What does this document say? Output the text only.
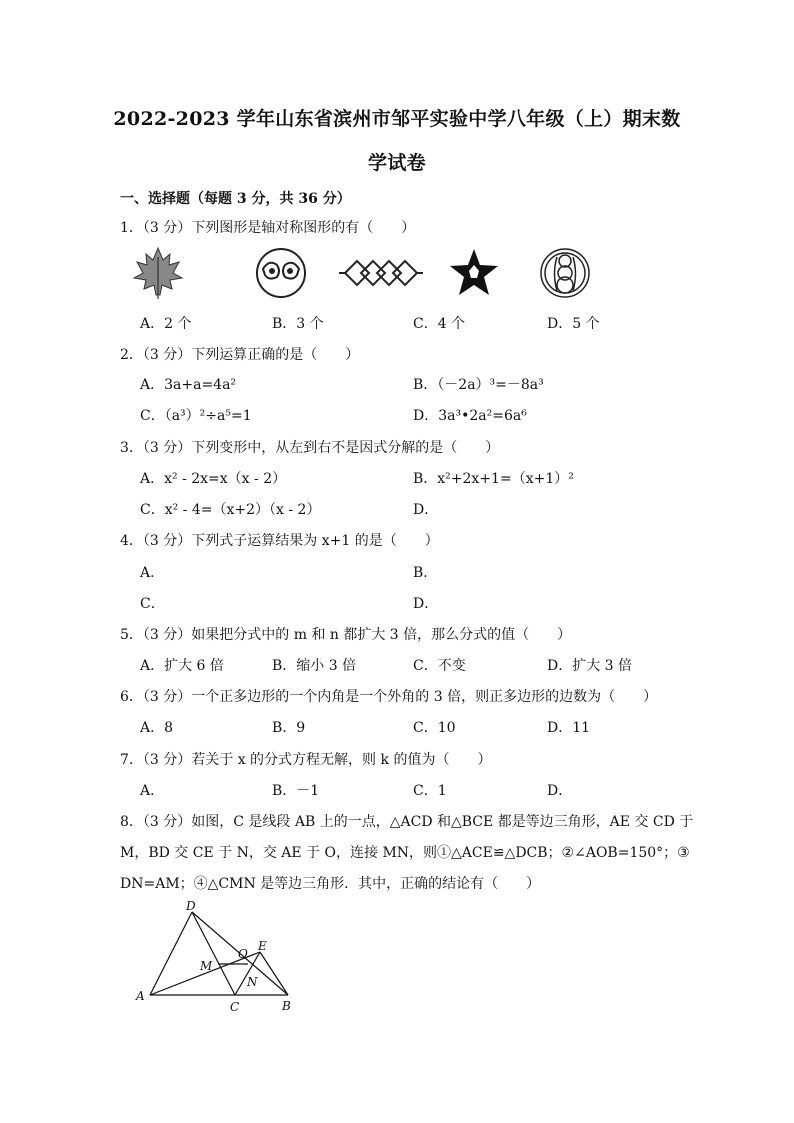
2022-2023 学年山东省滨州市邹平实验中学八年级（上）期末数
学试卷
一、选择题（每题 3 分，共 36 分）
1．（3 分）下列图形是轴对称图形的有（　　）
A．2 个	B．3 个	C．4 个	D．5 个
2．（3 分）下列运算正确的是（　　）
A．3a+a=4a²	B．（－2a）³=－8a³
C．（a³）²÷a⁵=1	D．3a³•2a²=6a⁶
3．（3 分）下列变形中，从左到右不是因式分解的是（　　）
A．x² - 2x=x（x - 2）	B．x²+2x+1=（x+1）²
C．x² - 4=（x+2）（x - 2）	D．
4．（3 分）下列式子运算结果为 x+1 的是（　　）
A．	B．
C．	D．
5．（3 分）如果把分式中的 m 和 n 都扩大 3 倍，那么分式的值（　　）
A．扩大 6 倍	B．缩小 3 倍	C．不变	D．扩大 3 倍
6．（3 分）一个正多边形的一个内角是一个外角的 3 倍，则正多边形的边数为（　　）
A．8	B．9	C．10	D．11
7．（3 分）若关于 x 的分式方程无解，则 k 的值为（　　）
A．	B．－1	C．1	D．
8．（3 分）如图，C 是线段 AB 上的一点，△ACD 和△BCE 都是等边三角形，AE 交 CD 于
M，BD 交 CE 于 N，交 AE 于 O，连接 MN，则①△ACE≌△DCB；②∠AOB=150°；③
DN=AM；④△CMN 是等边三角形．其中，正确的结论有（　　）
D
A
C	B
E
M
O
N
